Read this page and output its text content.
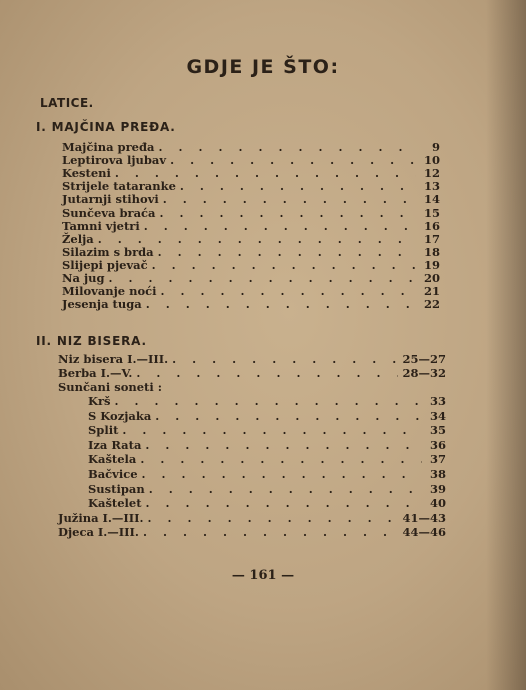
GDJE JE ŠTO:
LATICE.
I. MAJČINA PREĐA.
Majčina pređa . . .	9
Leptirova ljubav . . .	10
Kesteni . . .	12
Strijele tataranke . . .	13
Jutarnji stihovi . . .	14
Sunčeva braća . . .	15
Tamni vjetri . . .	16
Želja . . .	17
Silazim s brda . . .	18
Slijepi pjevač . . .	19
Na jug . . .	20
Milovanje noći . . .	21
Jesenja tuga . . .	22
II. NIZ BISERA.
Niz bisera I.—III. . . .	25—27
Berba I.—V. . . .	28—32
Sunčani soneti :
Krš . . .	33
S Kozjaka . . .	34
Split . . .	35
Iza Rata . . .	36
Kaštela . . .	37
Bačvice . . .	38
Sustipan . . .	39
Kaštelet . . .	40
Južina I.—III. . . .	41—43
Djeca I.—III. . . .	44—46
— 161 —
